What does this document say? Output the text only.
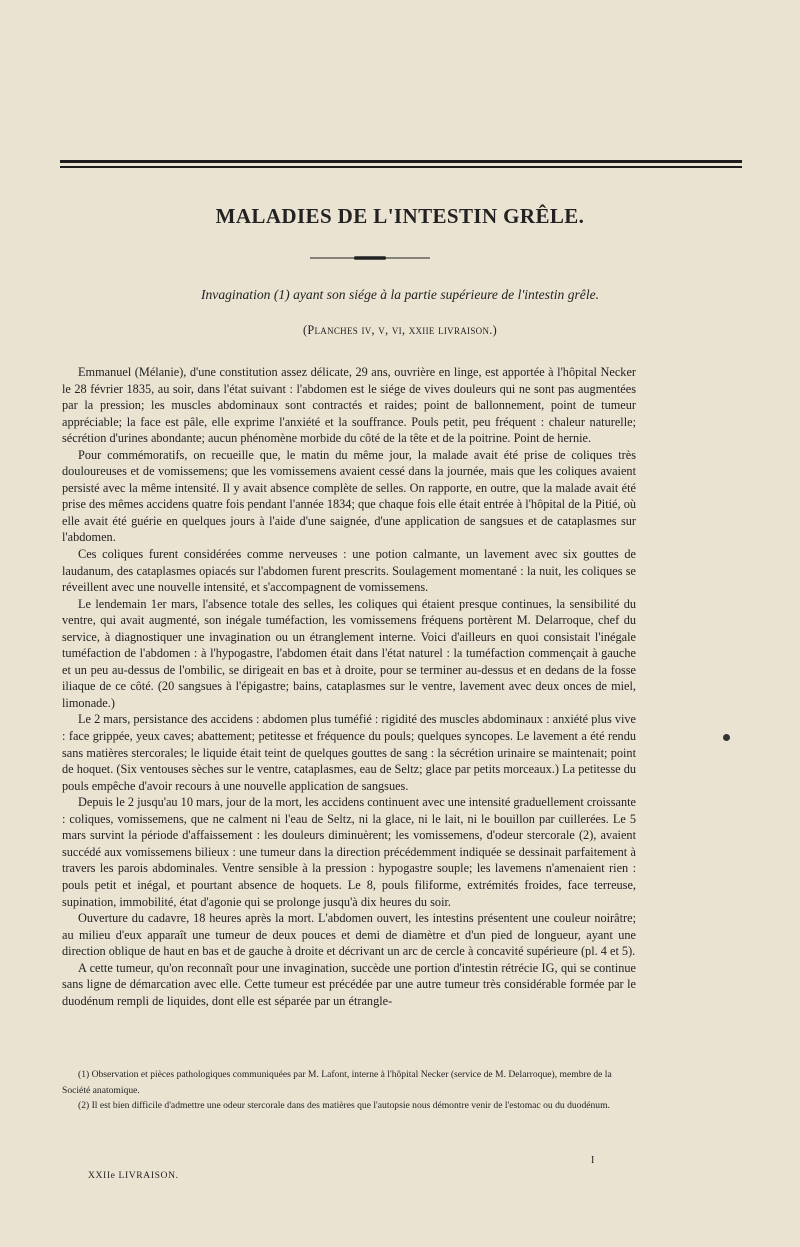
MALADIES DE L'INTESTIN GRÊLE.

Invagination (1) ayant son siége à la partie supérieure de l'intestin grêle.

(Planches iv, v, vi, xxiie livraison.)

Emmanuel (Mélanie), d'une constitution assez délicate, 29 ans, ouvrière en linge, est apportée à l'hôpital Necker le 28 février 1835, au soir, dans l'état suivant : l'abdomen est le siége de vives douleurs qui ne sont pas augmentées par la pression; les muscles abdominaux sont contractés et raides; point de ballonnement, point de tumeur appréciable; la face est pâle, elle exprime l'anxiété et la souffrance. Pouls petit, peu fréquent : chaleur naturelle; sécrétion d'urines abondante; aucun phénomène morbide du côté de la tête et de la poitrine. Point de hernie.

Pour commémoratifs, on recueille que, le matin du même jour, la malade avait été prise de coliques très douloureuses et de vomissemens; que les vomissemens avaient cessé dans la journée, mais que les coliques avaient persisté avec la même intensité. Il y avait absence complète de selles. On rapporte, en outre, que la malade avait été prise des mêmes accidens quatre fois pendant l'année 1834; que chaque fois elle était entrée à l'hôpital de la Pitié, où elle avait été guérie en quelques jours à l'aide d'une saignée, d'une application de sangsues et de cataplasmes sur l'abdomen.

Ces coliques furent considérées comme nerveuses : une potion calmante, un lavement avec six gouttes de laudanum, des cataplasmes opiacés sur l'abdomen furent prescrits. Soulagement momentané : la nuit, les coliques se réveillent avec une nouvelle intensité, et s'accompagnent de vomissemens.

Le lendemain 1er mars, l'absence totale des selles, les coliques qui étaient presque continues, la sensibilité du ventre, qui avait augmenté, son inégale tuméfaction, les vomissemens fréquens portèrent M. Delarroque, chef du service, à diagnostiquer une invagination ou un étranglement interne. Voici d'ailleurs en quoi consistait l'inégale tuméfaction de l'abdomen : à l'hypogastre, l'abdomen était dans l'état naturel : la tuméfaction commençait à gauche et un peu au-dessus de l'ombilic, se dirigeait en bas et à droite, pour se terminer au-dessus et en dedans de la fosse iliaque de ce côté. (20 sangsues à l'épigastre; bains, cataplasmes sur le ventre, lavement avec deux onces de miel, limonade.)

Le 2 mars, persistance des accidens : abdomen plus tuméfié : rigidité des muscles abdominaux : anxiété plus vive : face grippée, yeux caves; abattement; petitesse et fréquence du pouls; quelques syncopes. Le lavement a été rendu sans matières stercorales; le liquide était teint de quelques gouttes de sang : la sécrétion urinaire se maintenait; point de hoquet. (Six ventouses sèches sur le ventre, cataplasmes, eau de Seltz; glace par petits morceaux.) La petitesse du pouls empêche d'avoir recours à une nouvelle application de sangsues.

Depuis le 2 jusqu'au 10 mars, jour de la mort, les accidens continuent avec une intensité graduellement croissante : coliques, vomissemens, que ne calment ni l'eau de Seltz, ni la glace, ni le lait, ni le bouillon par cuillerées. Le 5 mars survint la période d'affaissement : les douleurs diminuèrent; les vomissemens, d'odeur stercorale (2), avaient succédé aux vomissemens bilieux : une tumeur dans la direction précédemment indiquée se dessinait parfaitement à travers les parois abdominales. Ventre sensible à la pression : hypogastre souple; les lavemens n'amenaient rien : pouls petit et inégal, et pourtant absence de hoquets. Le 8, pouls filiforme, extrémités froides, face terreuse, supination, immobilité, état d'agonie qui se prolonge jusqu'à dix heures du soir.

Ouverture du cadavre, 18 heures après la mort. L'abdomen ouvert, les intestins présentent une couleur noirâtre; au milieu d'eux apparaît une tumeur de deux pouces et demi de diamètre et d'un pied de longueur, ayant une direction oblique de haut en bas et de gauche à droite et décrivant un arc de cercle à concavité supérieure (pl. 4 et 5).

A cette tumeur, qu'on reconnaît pour une invagination, succède une portion d'intestin rétrécie IG, qui se continue sans ligne de démarcation avec elle. Cette tumeur est précédée par une autre tumeur très considérable formée par le duodénum rempli de liquides, dont elle est séparée par un étrangle-

(1) Observation et pièces pathologiques communiquées par M. Lafont, interne à l'hôpital Necker (service de M. Delarroque), membre de la Société anatomique.

(2) Il est bien difficile d'admettre une odeur stercorale dans des matières que l'autopsie nous démontre venir de l'estomac ou du duodénum.

I
XXIIe LIVRAISON.
